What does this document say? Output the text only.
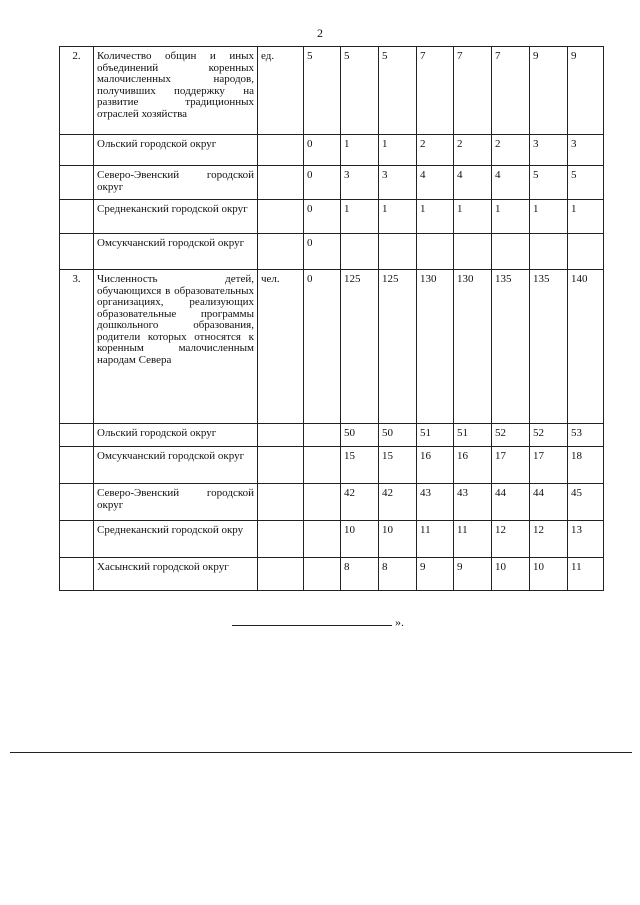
2
2.	Количество общин и иных объединений коренных малочисленных народов, получивших поддержку на развитие традиционных отраслей хозяйства	ед.	5	5	5	7	7	7	9	9
	Ольский городской округ		0	1	1	2	2	2	3	3
	Северо-Эвенский городской округ		0	3	3	4	4	4	5	5
	Среднеканский городской округ		0	1	1	1	1	1	1	1
	Омсукчанский городской округ		0							
3.	Численность детей, обучающихся в образовательных организациях, реализующих образовательные программы дошкольного образования, родители которых относятся к коренным малочисленным народам Севера	чел.	0	125	125	130	130	135	135	140
	Ольский городской округ			50	50	51	51	52	52	53
	Омсукчанский городской округ			15	15	16	16	17	17	18
	Северо-Эвенский городской округ			42	42	43	43	44	44	45
	Среднеканский городской окру			10	10	11	11	12	12	13
	Хасынский городской округ			8	8	9	9	10	10	11
».
